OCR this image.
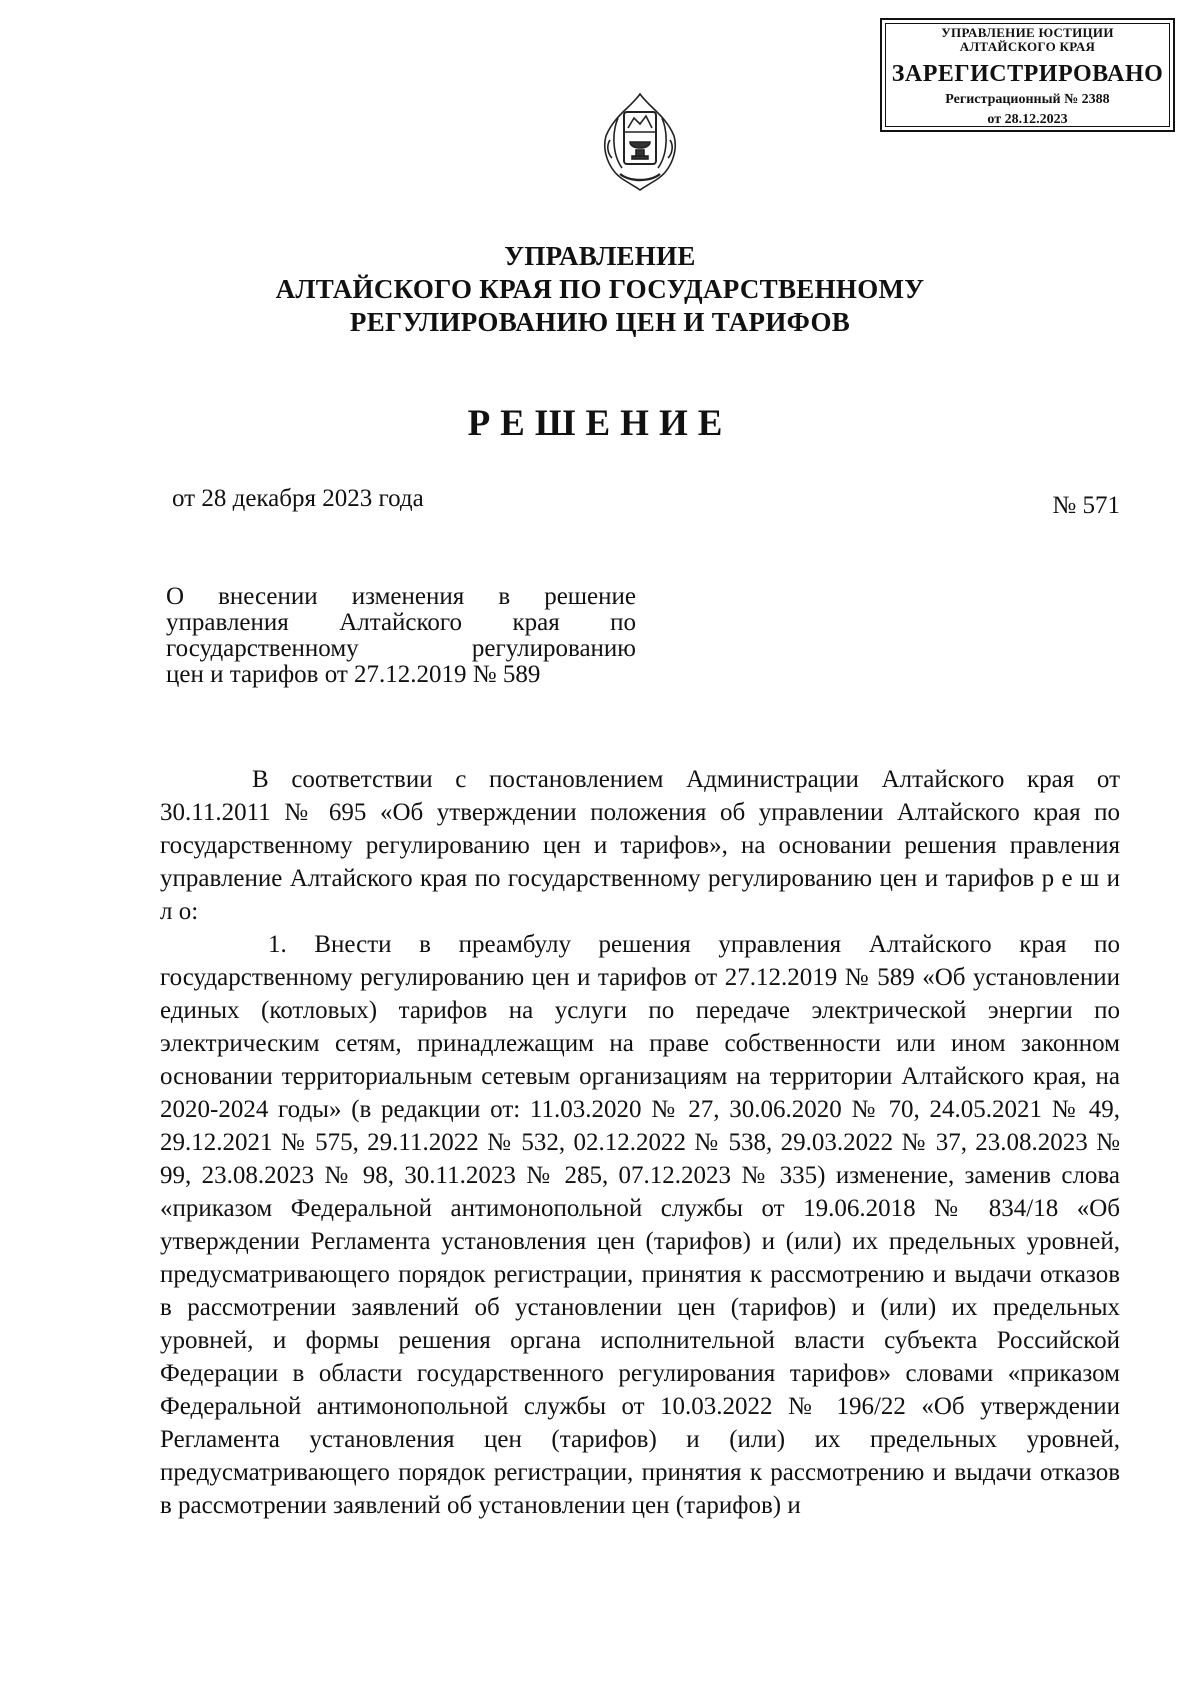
УПРАВЛЕНИЕ ЮСТИЦИИ
АЛТАЙСКОГО КРАЯ
ЗАРЕГИСТРИРОВАНО
Регистрационный № 2388
от 28.12.2023
УПРАВЛЕНИЕ
АЛТАЙСКОГО КРАЯ ПО ГОСУДАРСТВЕННОМУ
РЕГУЛИРОВАНИЮ ЦЕН И ТАРИФОВ
РЕШЕНИЕ
от 28 декабря 2023 года	№ 571
О внесении изменения в решение
управления Алтайского края по
государственному регулированию
цен и тарифов от 27.12.2019 № 589

В соответствии с постановлением Администрации Алтайского края от 30.11.2011 № 695 «Об утверждении положения об управлении Алтайского края по государственному регулированию цен и тарифов», на основании решения правления управление Алтайского края по государственному регулированию цен и тарифов р е ш и л о:

1. Внести в преамбулу решения управления Алтайского края по государственному регулированию цен и тарифов от 27.12.2019 № 589 «Об установлении единых (котловых) тарифов на услуги по передаче электрической энергии по электрическим сетям, принадлежащим на праве собственности или ином законном основании территориальным сетевым организациям на территории Алтайского края, на 2020-2024 годы» (в редакции от: 11.03.2020 № 27, 30.06.2020 № 70, 24.05.2021 № 49, 29.12.2021 № 575, 29.11.2022 № 532, 02.12.2022 № 538, 29.03.2022 № 37, 23.08.2023 № 99, 23.08.2023 № 98, 30.11.2023 № 285, 07.12.2023 № 335) изменение, заменив слова «приказом Федеральной антимонопольной службы от 19.06.2018 № 834/18 «Об утверждении Регламента установления цен (тарифов) и (или) их предельных уровней, предусматривающего порядок регистрации, принятия к рассмотрению и выдачи отказов в рассмотрении заявлений об установлении цен (тарифов) и (или) их предельных уровней, и формы решения органа исполнительной власти субъекта Российской Федерации в области государственного регулирования тарифов» словами «приказом Федеральной антимонопольной службы от 10.03.2022 № 196/22 «Об утверждении Регламента установления цен (тарифов) и (или) их предельных уровней, предусматривающего порядок регистрации, принятия к рассмотрению и выдачи отказов в рассмотрении заявлений об установлении цен (тарифов) и
